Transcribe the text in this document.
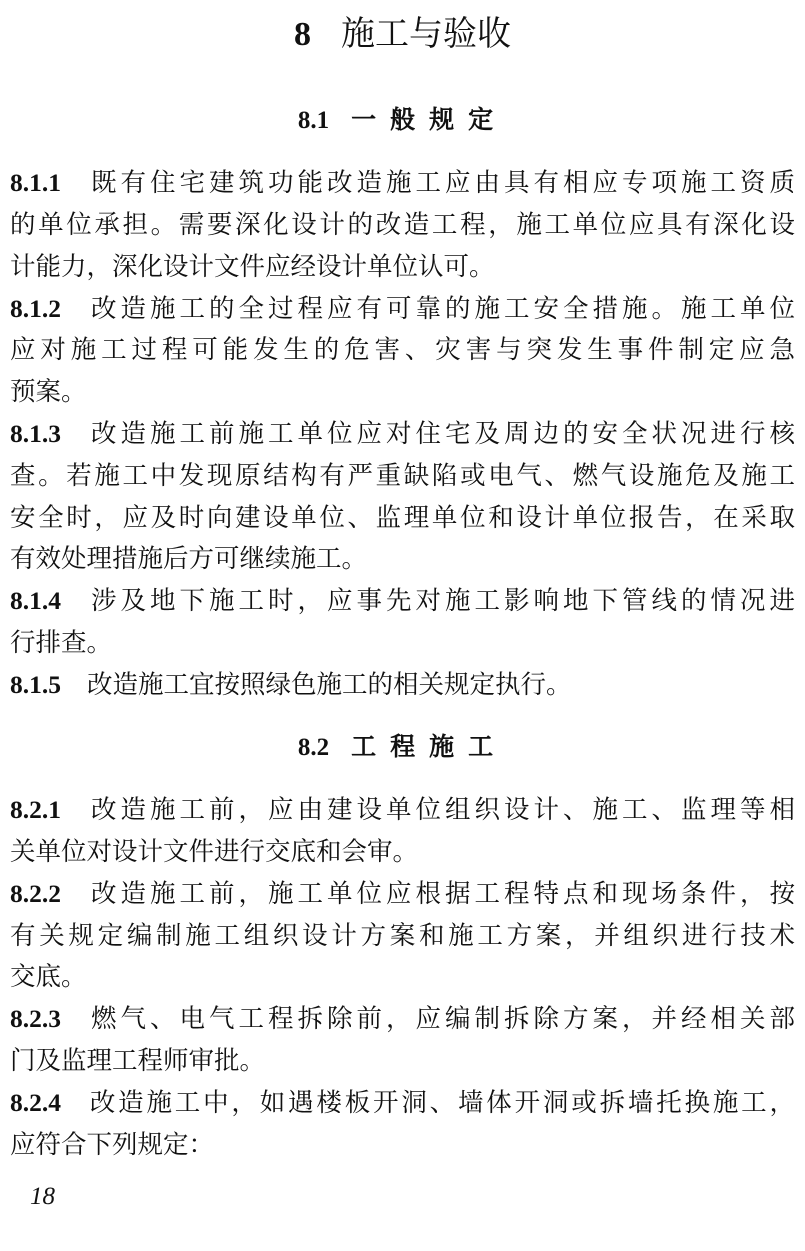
8 施工与验收
8.1 一般规定
8.1.1 既有住宅建筑功能改造施工应由具有相应专项施工资质
的单位承担。需要深化设计的改造工程，施工单位应具有深化设
计能力，深化设计文件应经设计单位认可。
8.1.2 改造施工的全过程应有可靠的施工安全措施。施工单位
应对施工过程可能发生的危害、灾害与突发生事件制定应急
预案。
8.1.3 改造施工前施工单位应对住宅及周边的安全状况进行核
查。若施工中发现原结构有严重缺陷或电气、燃气设施危及施工
安全时，应及时向建设单位、监理单位和设计单位报告，在采取
有效处理措施后方可继续施工。
8.1.4 涉及地下施工时，应事先对施工影响地下管线的情况进
行排查。
8.1.5 改造施工宜按照绿色施工的相关规定执行。
8.2 工程施工
8.2.1 改造施工前，应由建设单位组织设计、施工、监理等相
关单位对设计文件进行交底和会审。
8.2.2 改造施工前，施工单位应根据工程特点和现场条件，按
有关规定编制施工组织设计方案和施工方案，并组织进行技术
交底。
8.2.3 燃气、电气工程拆除前，应编制拆除方案，并经相关部
门及监理工程师审批。
8.2.4 改造施工中，如遇楼板开洞、墙体开洞或拆墙托换施工，
应符合下列规定：
18
